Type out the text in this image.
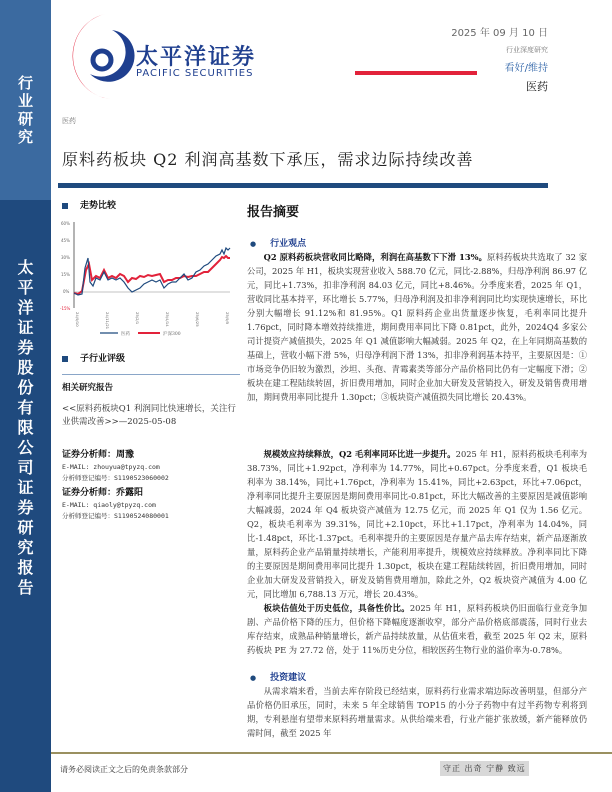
行
业
研
究
太
平
洋
证
券
股
份
有
限
公
司
证
券
研
究
报
告
太平洋证券
PACIFIC SECURITIES
2025 年 09 月 10 日
行业深度研究
看好/维持
医药
医药
原料药板块 Q2 利润高基数下承压，需求边际持续改善
走势比较
60%
45%
30%
15%
0%
-15%
24/9/10	24/11/21	25/2/1	25/4/14	25/6/25	25/9/5
医药	沪深300
子行业评级
相关研究报告
<<原料药板块Q1 利润同比快速增长，关注行业供需改善>>—2025-05-08
证券分析师：周豫
E-MAIL: zhouyua@tpyzq.com
分析师登记编号：S1190523060002
证券分析师：乔露阳
E-MAIL: qiaoly@tpyzq.com
分析师登记编号：S1190524080001
报告摘要
● 行业观点
Q2 原料药板块营收同比略降，利润在高基数下下滑 13%。原料药板块共选取了 32 家公司，2025 年 H1，板块实现营业收入 588.70 亿元，同比-2.88%，归母净利润 86.97 亿元，同比+1.73%，扣非净利润 84.03 亿元，同比+8.46%。分季度来看，2025 年 Q1，营收同比基本持平，环比增长 5.77%，归母净利润及扣非净利润同比均实现快速增长，环比分别大幅增长 91.12%和 81.95%。Q1 原料药企业出货量逐步恢复，毛利率同比提升 1.76pct，同时降本增效持续推进，期间费用率同比下降 0.81pct，此外，2024Q4 多家公司计提资产减值损失，2025 年 Q1 减值影响大幅减弱。2025 年 Q2，在上年同期高基数的基础上，营收小幅下滑 5%，归母净利润下滑 13%，扣非净利润基本持平，主要原因是：①市场竞争仍旧较为激烈，沙坦、头孢、青霉素类等部分产品价格同比仍有一定幅度下滑；②板块在建工程陆续转固，折旧费用增加，同时企业加大研发及营销投入，研发及销售费用增加，期间费用率同比提升 1.30pct；③板块资产减值损失同比增长 20.43%。
规模效应持续释放，Q2 毛利率同环比进一步提升。2025 年 H1，原料药板块毛利率为 38.73%，同比+1.92pct，净利率为 14.77%，同比+0.67pct。分季度来看，Q1 板块毛利率为 38.14%，同比+1.76pct，净利率为 15.41%，同比+2.63pct，环比+7.06pct，净利率同比提升主要原因是期间费用率同比-0.81pct，环比大幅改善的主要原因是减值影响大幅减弱，2024 年 Q4 板块资产减值为 12.75 亿元，而 2025 年 Q1 仅为 1.56 亿元。Q2，板块毛利率为 39.31%，同比+2.10pct，环比+1.17pct，净利率为 14.04%，同比-1.48pct，环比-1.37pct。毛利率提升的主要原因是存量产品去库存结束，新产品逐渐放量，原料药企业产品销量持续增长，产能利用率提升，规模效应持续释放。净利率同比下降的主要原因是期间费用率同比提升 1.30pct，板块在建工程陆续转固，折旧费用增加，同时企业加大研发及营销投入，研发及销售费用增加，除此之外，Q2 板块资产减值为 4.00 亿元，同比增加 6,788.13 万元，增长 20.43%。
板块估值处于历史低位，具备性价比。2025 年 H1，原料药板块仍旧面临行业竞争加剧、产品价格下降的压力，但价格下降幅度逐渐收窄，部分产品价格底部震荡，同时行业去库存结束，成熟品种销量增长，新产品持续放量，从估值来看，截至 2025 年 Q2 末，原料药板块 PE 为 27.72 倍，处于 11%历史分位，相较医药生物行业的溢价率为-0.78%。
● 投资建议
从需求端来看，当前去库存阶段已经结束，原料药行业需求端边际改善明显，但部分产品价格仍旧承压，同时，未来 5 年全球销售 TOP15 的小分子药物中有过半药物专利将到期，专利悬崖有望带来原料药增量需求。从供给端来看，行业产能扩张放缓，新产能释放仍需时间，截至 2025 年
请务必阅读正文之后的免责条款部分	守正 出奇 宁静 致远
